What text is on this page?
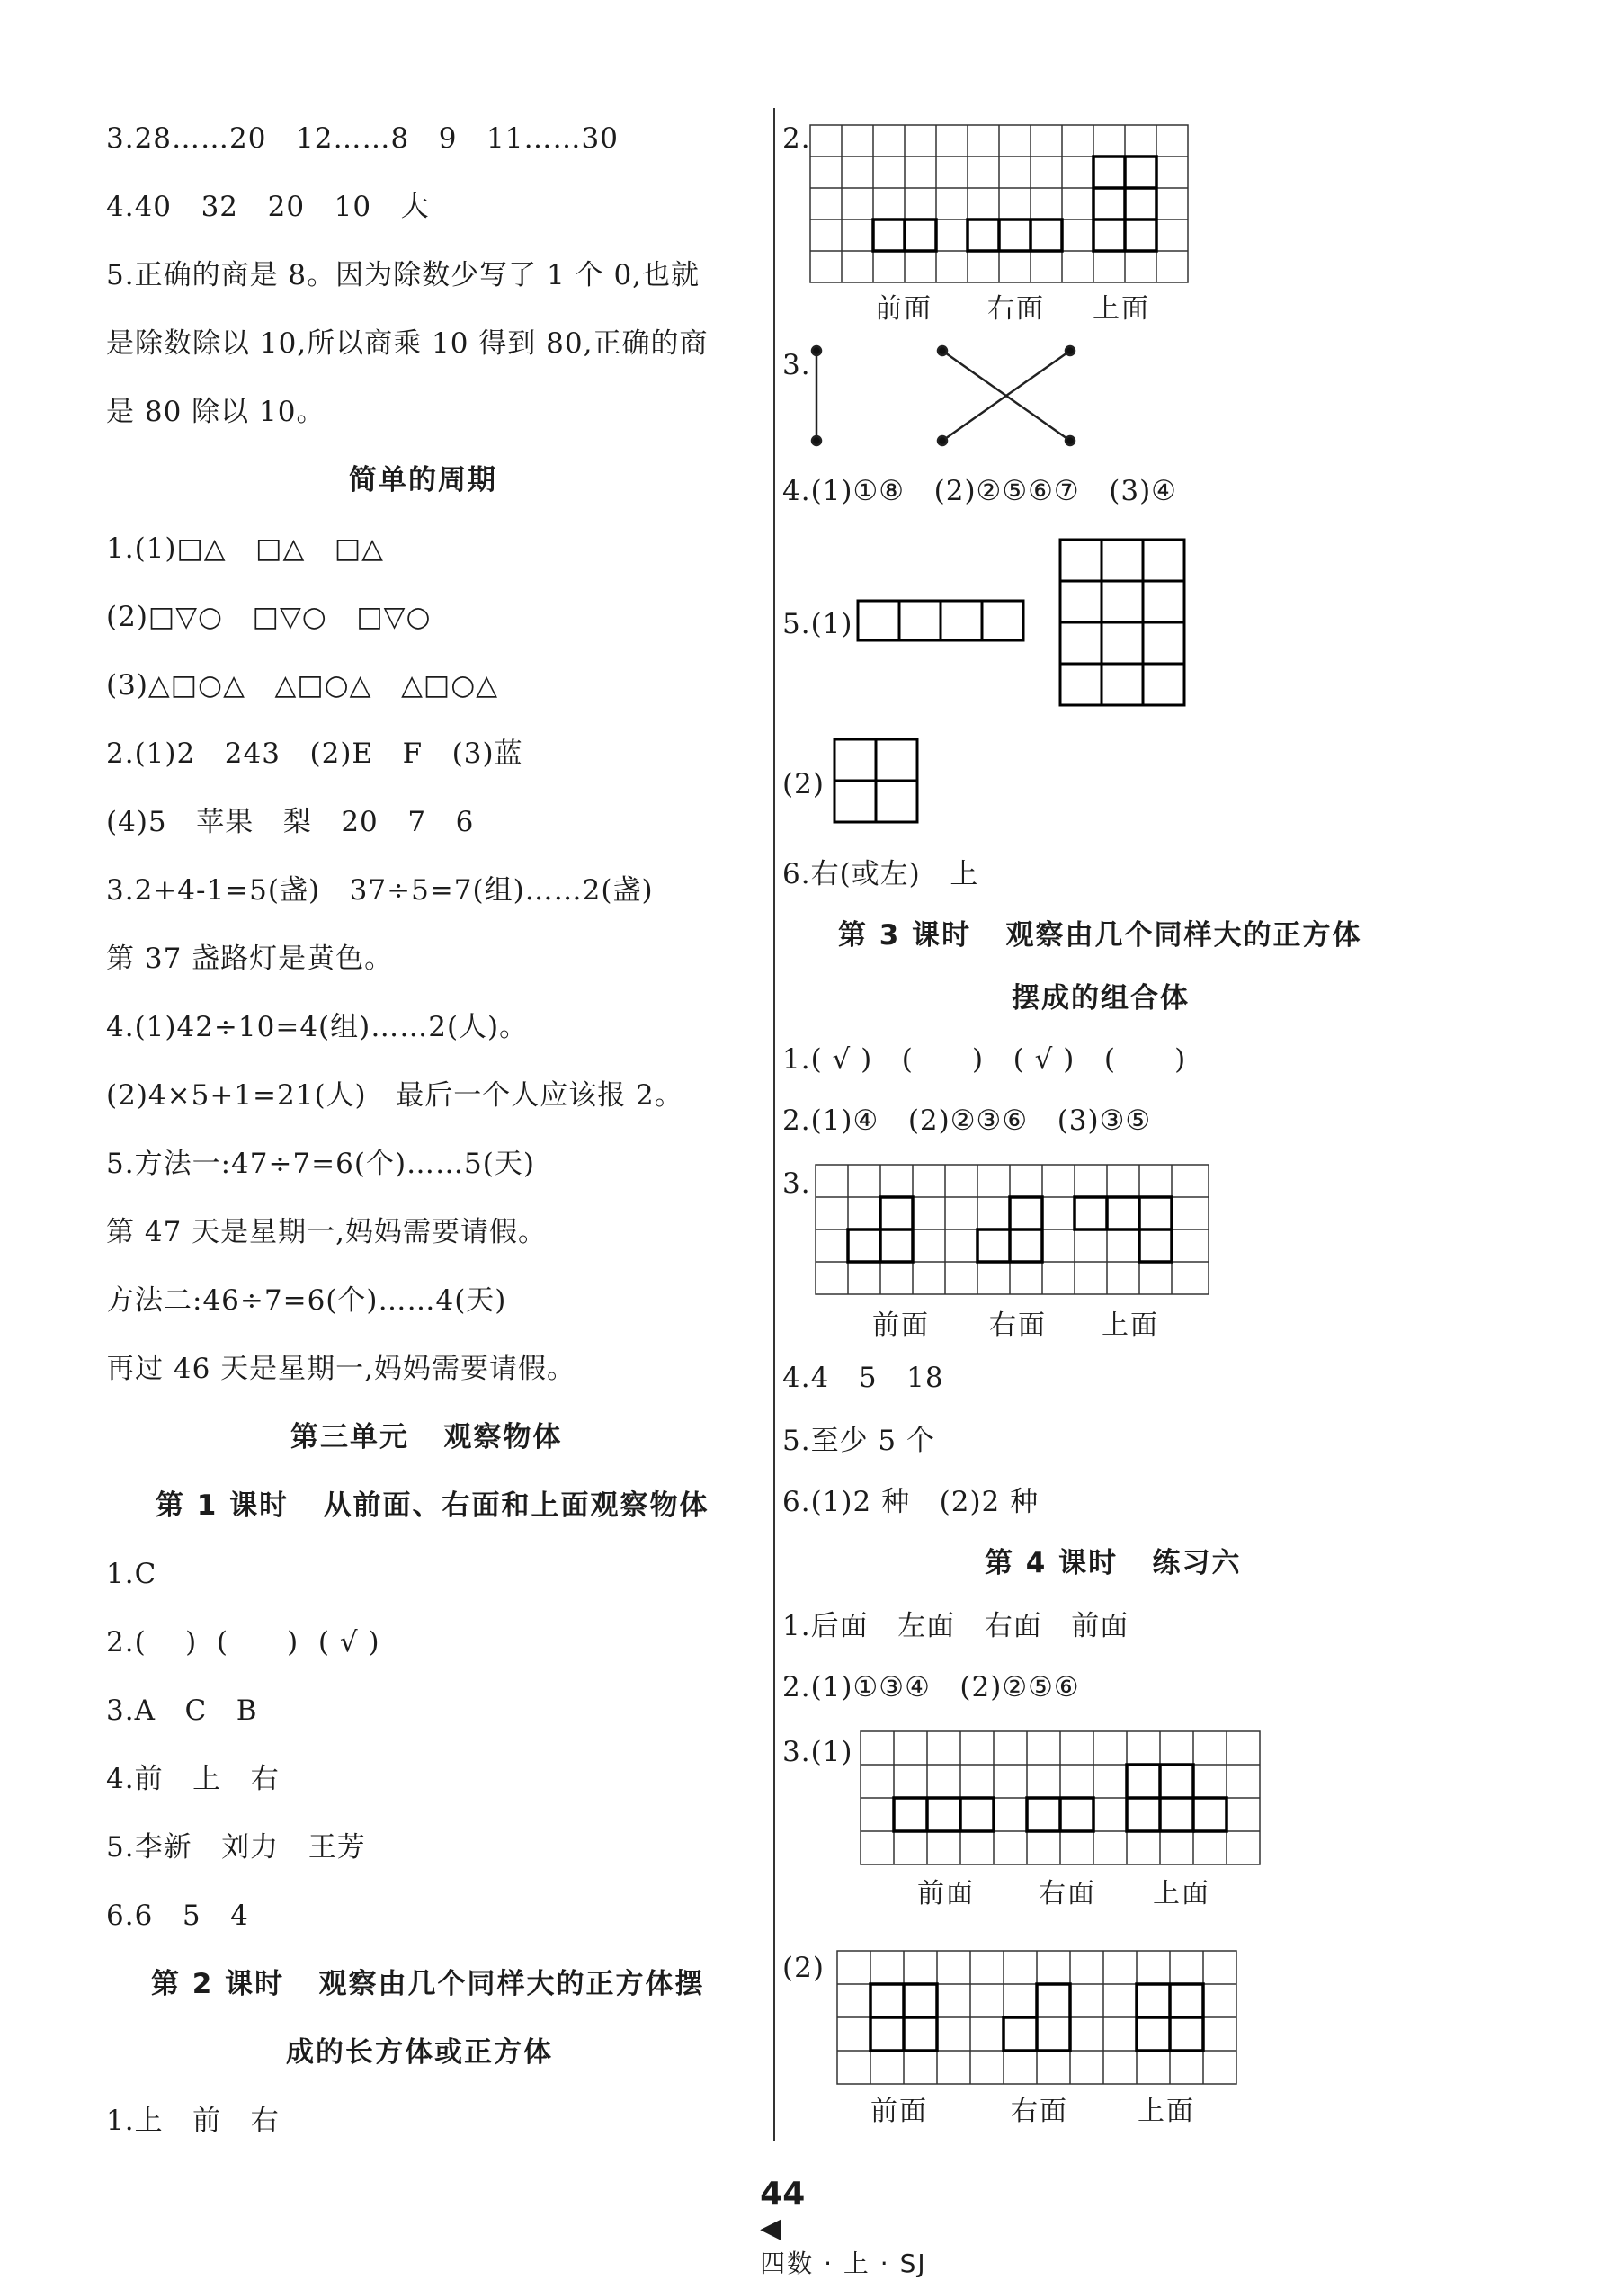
3.28……20   12……8   9   11……30
4.40   32   20   10   大
5.正确的商是 8。因为除数少写了 1 个 0,也就
是除数除以 10,所以商乘 10 得到 80,正确的商
是 80 除以 10。
简单的周期
1.(1)□△   □△   □△
(2)□▽○   □▽○   □▽○
(3)△□○△   △□○△   △□○△
2.(1)2   243   (2)E   F   (3)蓝
(4)5   苹果   梨   20   7   6
3.2+4-1=5(盏)   37÷5=7(组)……2(盏)
第 37 盏路灯是黄色。
4.(1)42÷10=4(组)……2(人)。
(2)4×5+1=21(人)   最后一个人应该报 2。
5.方法一:47÷7=6(个)……5(天)
第 47 天是星期一,妈妈需要请假。
方法二:46÷7=6(个)……4(天)
再过 46 天是星期一,妈妈需要请假。
第三单元   观察物体
第 1 课时   从前面、右面和上面观察物体
1.C
2.(    )  (      )  ( √ )
3.A   C   B
4.前   上   右
5.李新   刘力   王芳
6.6   5   4
第 2 课时   观察由几个同样大的正方体摆
成的长方体或正方体
1.上   前   右
2.
前面 右面 上面
3.
4.(1)①⑧   (2)②⑤⑥⑦   (3)④
5.(1)
(2)
6.右(或左)   上
第 3 课时   观察由几个同样大的正方体
摆成的组合体
1.( √ )   (      )   ( √ )   (      )
2.(1)④   (2)②③⑥   (3)③⑤
3.
前面 右面 上面
4.4   5   18
5.至少 5 个
6.(1)2 种   (2)2 种
第 4 课时   练习六
1.后面   左面   右面   前面
2.(1)①③④   (2)②⑤⑥
3.(1)
前面 右面 上面
(2)
前面	右面	上面

44
◀
四数 · 上 · SJ
